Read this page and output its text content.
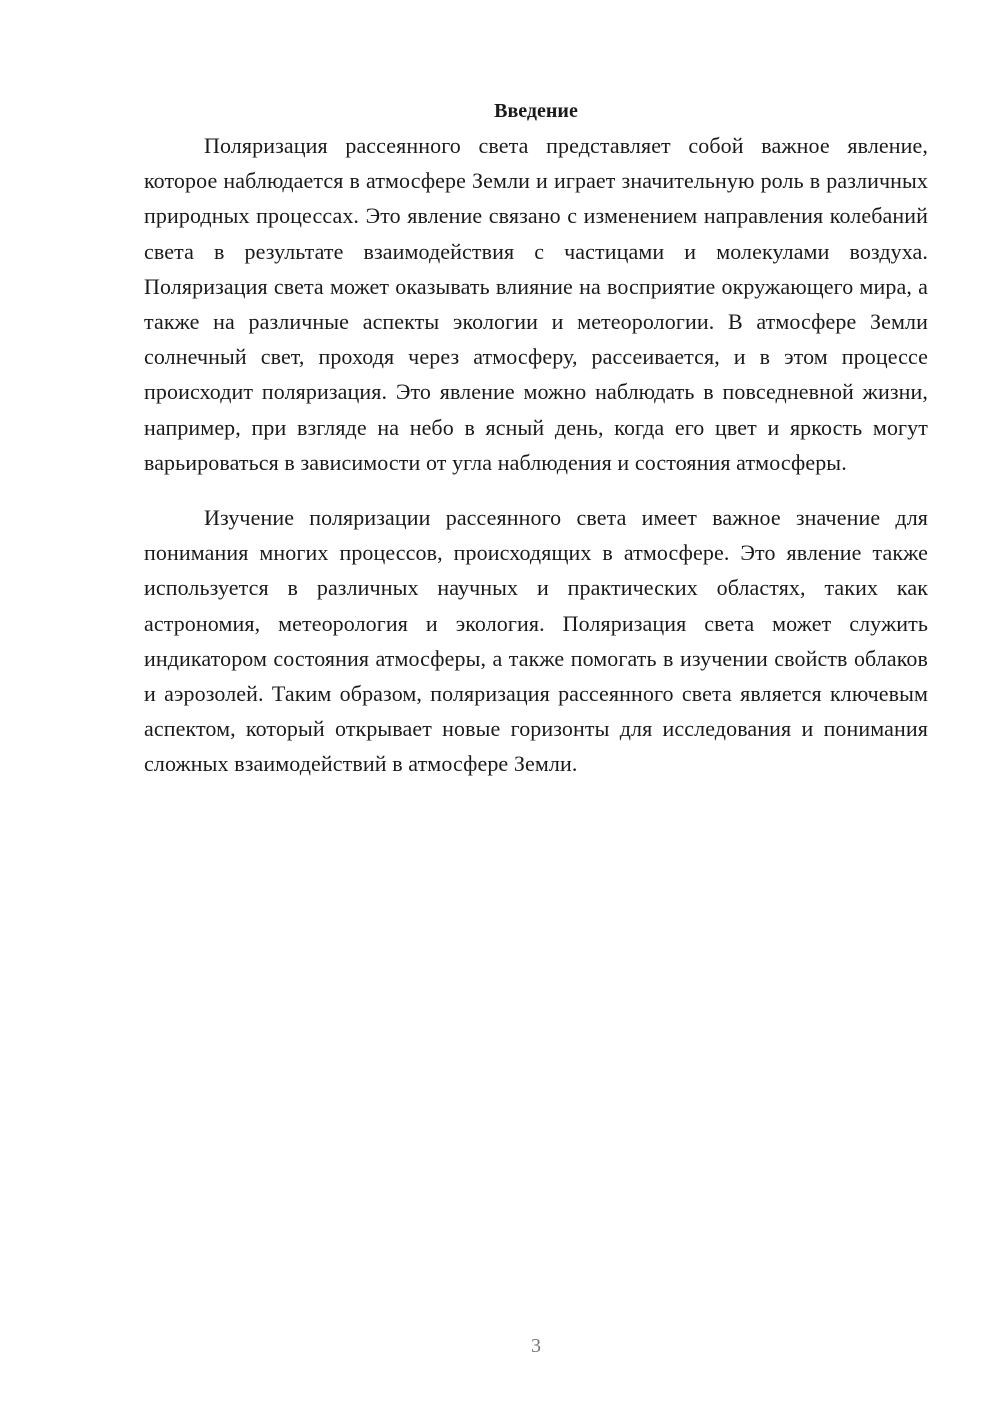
Введение

Поляризация рассеянного света представляет собой важное явление, которое наблюдается в атмосфере Земли и играет значительную роль в различных природных процессах. Это явление связано с изменением направления колебаний света в результате взаимодействия с частицами и молекулами воздуха. Поляризация света может оказывать влияние на восприятие окружающего мира, а также на различные аспекты экологии и метеорологии. В атмосфере Земли солнечный свет, проходя через атмосферу, рассеивается, и в этом процессе происходит поляризация. Это явление можно наблюдать в повседневной жизни, например, при взгляде на небо в ясный день, когда его цвет и яркость могут варьироваться в зависимости от угла наблюдения и состояния атмосферы.

Изучение поляризации рассеянного света имеет важное значение для понимания многих процессов, происходящих в атмосфере. Это явление также используется в различных научных и практических областях, таких как астрономия, метеорология и экология. Поляризация света может служить индикатором состояния атмосферы, а также помогать в изучении свойств облаков и аэрозолей. Таким образом, поляризация рассеянного света является ключевым аспектом, который открывает новые горизонты для исследования и понимания сложных взаимодействий в атмосфере Земли.

3
